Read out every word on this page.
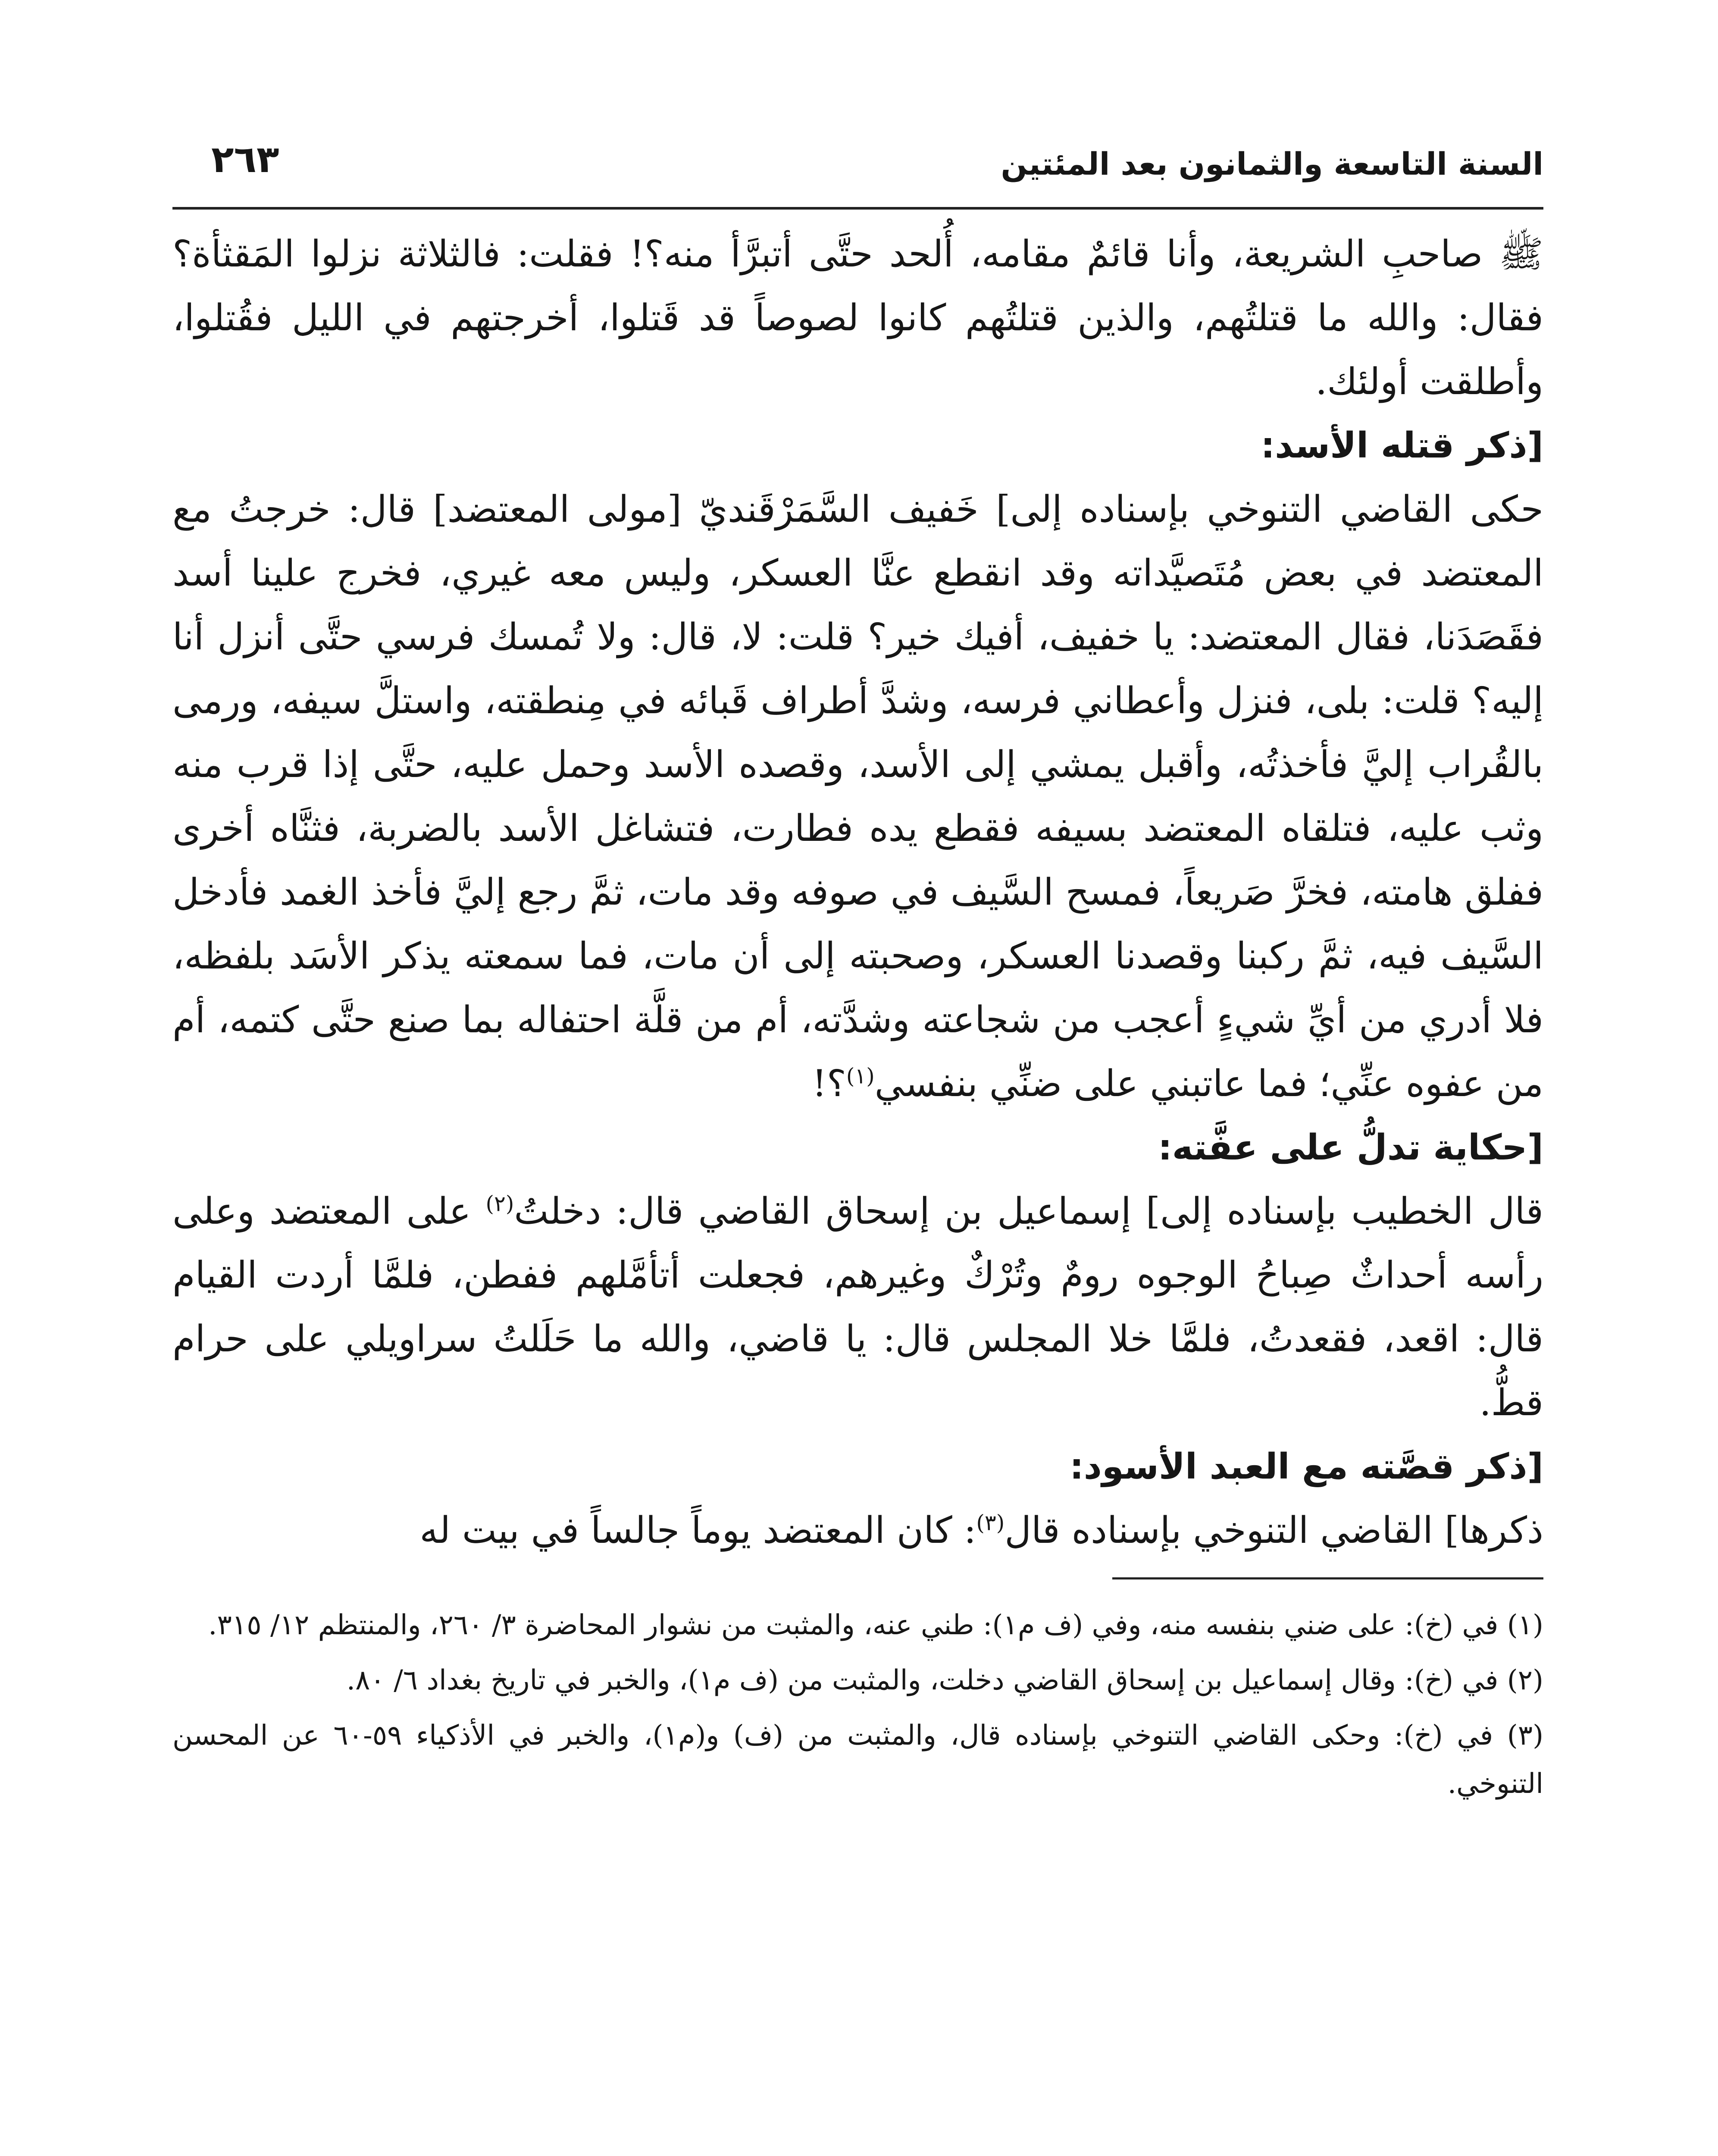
السنة التاسعة والثمانون بعد المئتين
٢٦٣

ﷺ صاحبِ الشريعة، وأنا قائمٌ مقامه، أُلحد حتَّى أتبرَّأ منه؟! فقلت: فالثلاثة نزلوا المَقثأة؟ فقال: والله ما قتلتُهم، والذين قتلتُهم كانوا لصوصاً قد قَتلوا، أخرجتهم في الليل فقُتلوا، وأطلقت أولئك.

[ذكر قتله الأسد:

حكى القاضي التنوخي بإسناده إلى] خَفيف السَّمَرْقَنديّ [مولى المعتضد] قال: خرجتُ مع المعتضد في بعض مُتَصيَّداته وقد انقطع عنَّا العسكر، وليس معه غيري، فخرج علينا أسد فقَصَدَنا، فقال المعتضد: يا خفيف، أفيك خير؟ قلت: لا، قال: ولا تُمسك فرسي حتَّى أنزل أنا إليه؟ قلت: بلى، فنزل وأعطاني فرسه، وشدَّ أطراف قَبائه في مِنطقته، واستلَّ سيفه، ورمى بالقُراب إليَّ فأخذتُه، وأقبل يمشي إلى الأسد، وقصده الأسد وحمل عليه، حتَّى إذا قرب منه وثب عليه، فتلقاه المعتضد بسيفه فقطع يده فطارت، فتشاغل الأسد بالضربة، فثنَّاه أخرى ففلق هامته، فخرَّ صَريعاً، فمسح السَّيف في صوفه وقد مات، ثمَّ رجع إليَّ فأخذ الغمد فأدخل السَّيف فيه، ثمَّ ركبنا وقصدنا العسكر، وصحبته إلى أن مات، فما سمعته يذكر الأسَد بلفظه، فلا أدري من أيِّ شيءٍ أعجب من شجاعته وشدَّته، أم من قلَّة احتفاله بما صنع حتَّى كتمه، أم من عفوه عنِّي؛ فما عاتبني على ضنِّي بنفسي$^{(١)}$؟!

[حكاية تدلُّ على عفَّته:

قال الخطيب بإسناده إلى] إسماعيل بن إسحاق القاضي قال: دخلتُ$^{(٢)}$ على المعتضد وعلى رأسه أحداثٌ صِباحُ الوجوه رومٌ وتُرْكٌ وغيرهم، فجعلت أتأمَّلهم ففطن، فلمَّا أردت القيام قال: اقعد، فقعدتُ، فلمَّا خلا المجلس قال: يا قاضي، والله ما حَلَلتُ سراويلي على حرام قطُّ.

[ذكر قصَّته مع العبد الأسود:

ذكرها] القاضي التنوخي بإسناده قال$^{(٣)}$: كان المعتضد يوماً جالساً في بيت له

(١) في (خ): على ضني بنفسه منه، وفي (ف م١): طني عنه، والمثبت من نشوار المحاضرة ٣/ ٢٦٠، والمنتظم ١٢/ ٣١٥.

(٢) في (خ): وقال إسماعيل بن إسحاق القاضي دخلت، والمثبت من (ف م١)، والخبر في تاريخ بغداد ٦/ ٨٠.

(٣) في (خ): وحكى القاضي التنوخي بإسناده قال، والمثبت من (ف) و(م١)، والخبر في الأذكياء ٥٩-٦٠ عن المحسن التنوخي.
